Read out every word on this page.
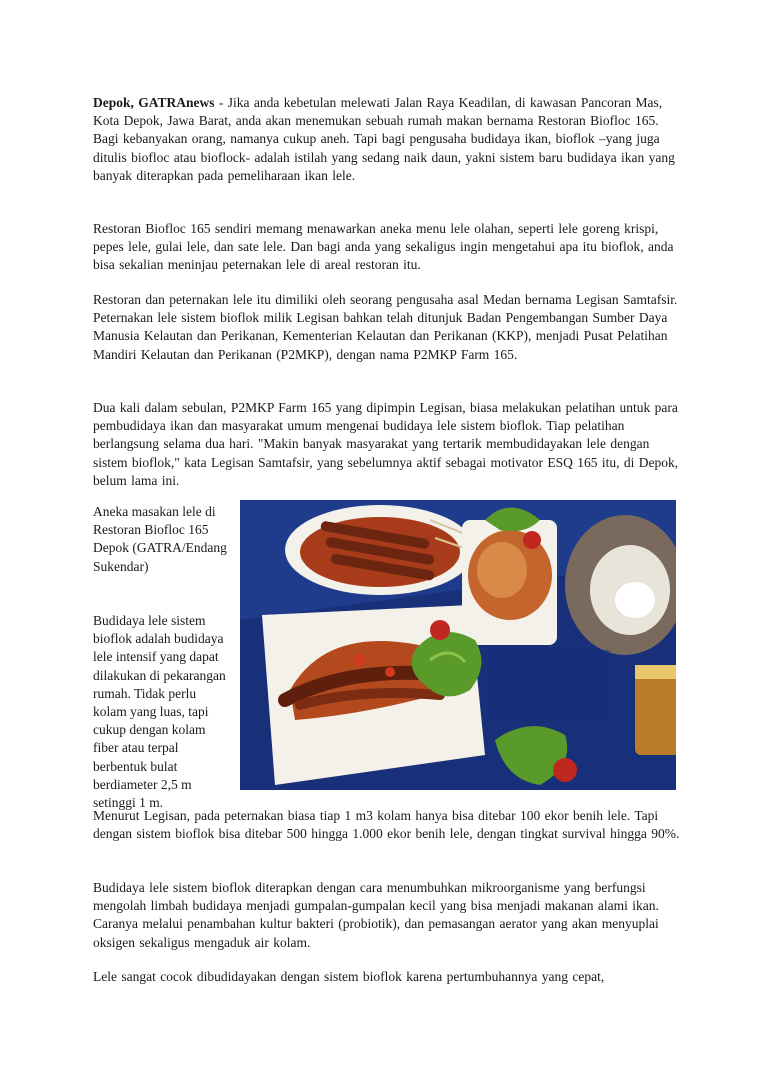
Depok, GATRAnews - Jika anda kebetulan melewati Jalan Raya Keadilan, di kawasan Pancoran Mas, Kota Depok, Jawa Barat, anda akan menemukan sebuah rumah makan bernama Restoran Biofloc 165. Bagi kebanyakan orang, namanya cukup aneh. Tapi bagi pengusaha budidaya ikan, bioflok –yang juga ditulis biofloc atau bioflock- adalah istilah yang sedang naik daun, yakni sistem baru budidaya ikan yang banyak diterapkan pada pemeliharaan ikan lele.

Restoran Biofloc 165 sendiri memang menawarkan aneka menu lele olahan, seperti lele goreng krispi, pepes lele, gulai lele, dan sate lele. Dan bagi anda yang sekaligus ingin mengetahui apa itu bioflok, anda bisa sekalian meninjau peternakan lele di areal restoran itu.

Restoran dan peternakan lele itu dimiliki oleh seorang pengusaha asal Medan bernama Legisan Samtafsir. Peternakan lele sistem bioflok milik Legisan bahkan telah ditunjuk Badan Pengembangan Sumber Daya Manusia Kelautan dan Perikanan, Kementerian Kelautan dan Perikanan (KKP), menjadi Pusat Pelatihan Mandiri Kelautan dan Perikanan (P2MKP), dengan nama P2MKP Farm 165.

Dua kali dalam sebulan, P2MKP Farm 165 yang dipimpin Legisan, biasa melakukan pelatihan untuk para pembudidaya ikan dan masyarakat umum mengenai budidaya lele sistem bioflok. Tiap pelatihan berlangsung selama dua hari. "Makin banyak masyarakat yang tertarik membudidayakan lele dengan sistem bioflok," kata Legisan Samtafsir, yang sebelumnya aktif sebagai motivator ESQ 165 itu, di Depok, belum lama ini.

Aneka masakan lele di Restoran Biofloc 165 Depok (GATRA/Endang Sukendar)

Budidaya lele sistem bioflok adalah budidaya lele intensif yang dapat dilakukan di pekarangan rumah. Tidak perlu kolam yang luas, tapi cukup dengan kolam fiber atau terpal berbentuk bulat berdiameter 2,5 m setinggi 1 m.

Menurut Legisan, pada peternakan biasa tiap 1 m3 kolam hanya bisa ditebar 100 ekor benih lele. Tapi dengan sistem bioflok bisa ditebar 500 hingga 1.000 ekor benih lele, dengan tingkat survival hingga 90%.

Budidaya lele sistem bioflok diterapkan dengan cara menumbuhkan mikroorganisme yang berfungsi mengolah limbah budidaya menjadi gumpalan-gumpalan kecil yang bisa menjadi makanan alami ikan. Caranya melalui penambahan kultur bakteri (probiotik), dan pemasangan aerator yang akan menyuplai oksigen sekaligus mengaduk air kolam.

Lele sangat cocok dibudidayakan dengan sistem bioflok karena pertumbuhannya yang cepat,
